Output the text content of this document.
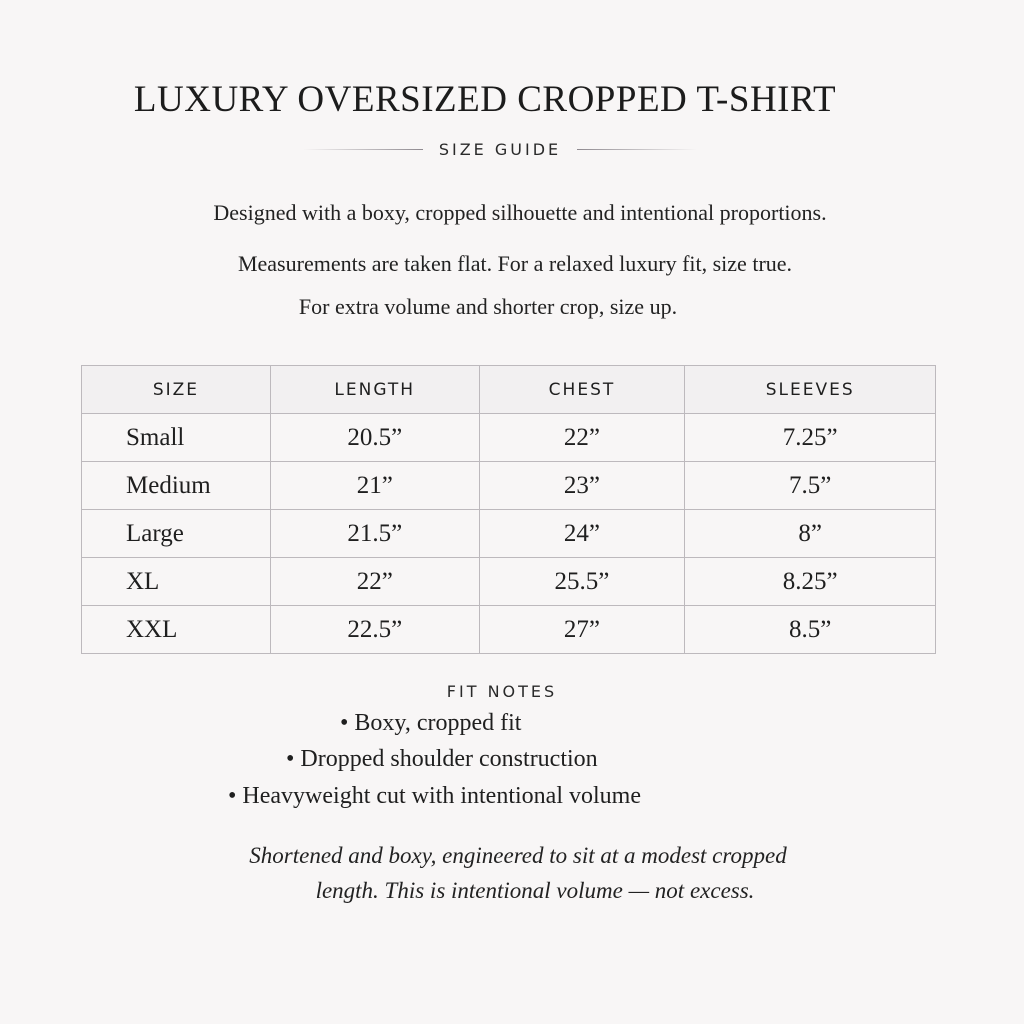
LUXURY OVERSIZED CROPPED T-SHIRT
SIZE GUIDE
Designed with a boxy, cropped silhouette and intentional proportions.
Measurements are taken flat. For a relaxed luxury fit, size true.
For extra volume and shorter crop, size up.
SIZE	LENGTH	CHEST	SLEEVES
Small	20.5”	22”	7.25”
Medium	21”	23”	7.5”
Large	21.5”	24”	8”
XL	22”	25.5”	8.25”
XXL	22.5”	27”	8.5”
FIT NOTES
• Boxy, cropped fit
• Dropped shoulder construction
• Heavyweight cut with intentional volume
Shortened and boxy, engineered to sit at a modest cropped
length. This is intentional volume — not excess.
